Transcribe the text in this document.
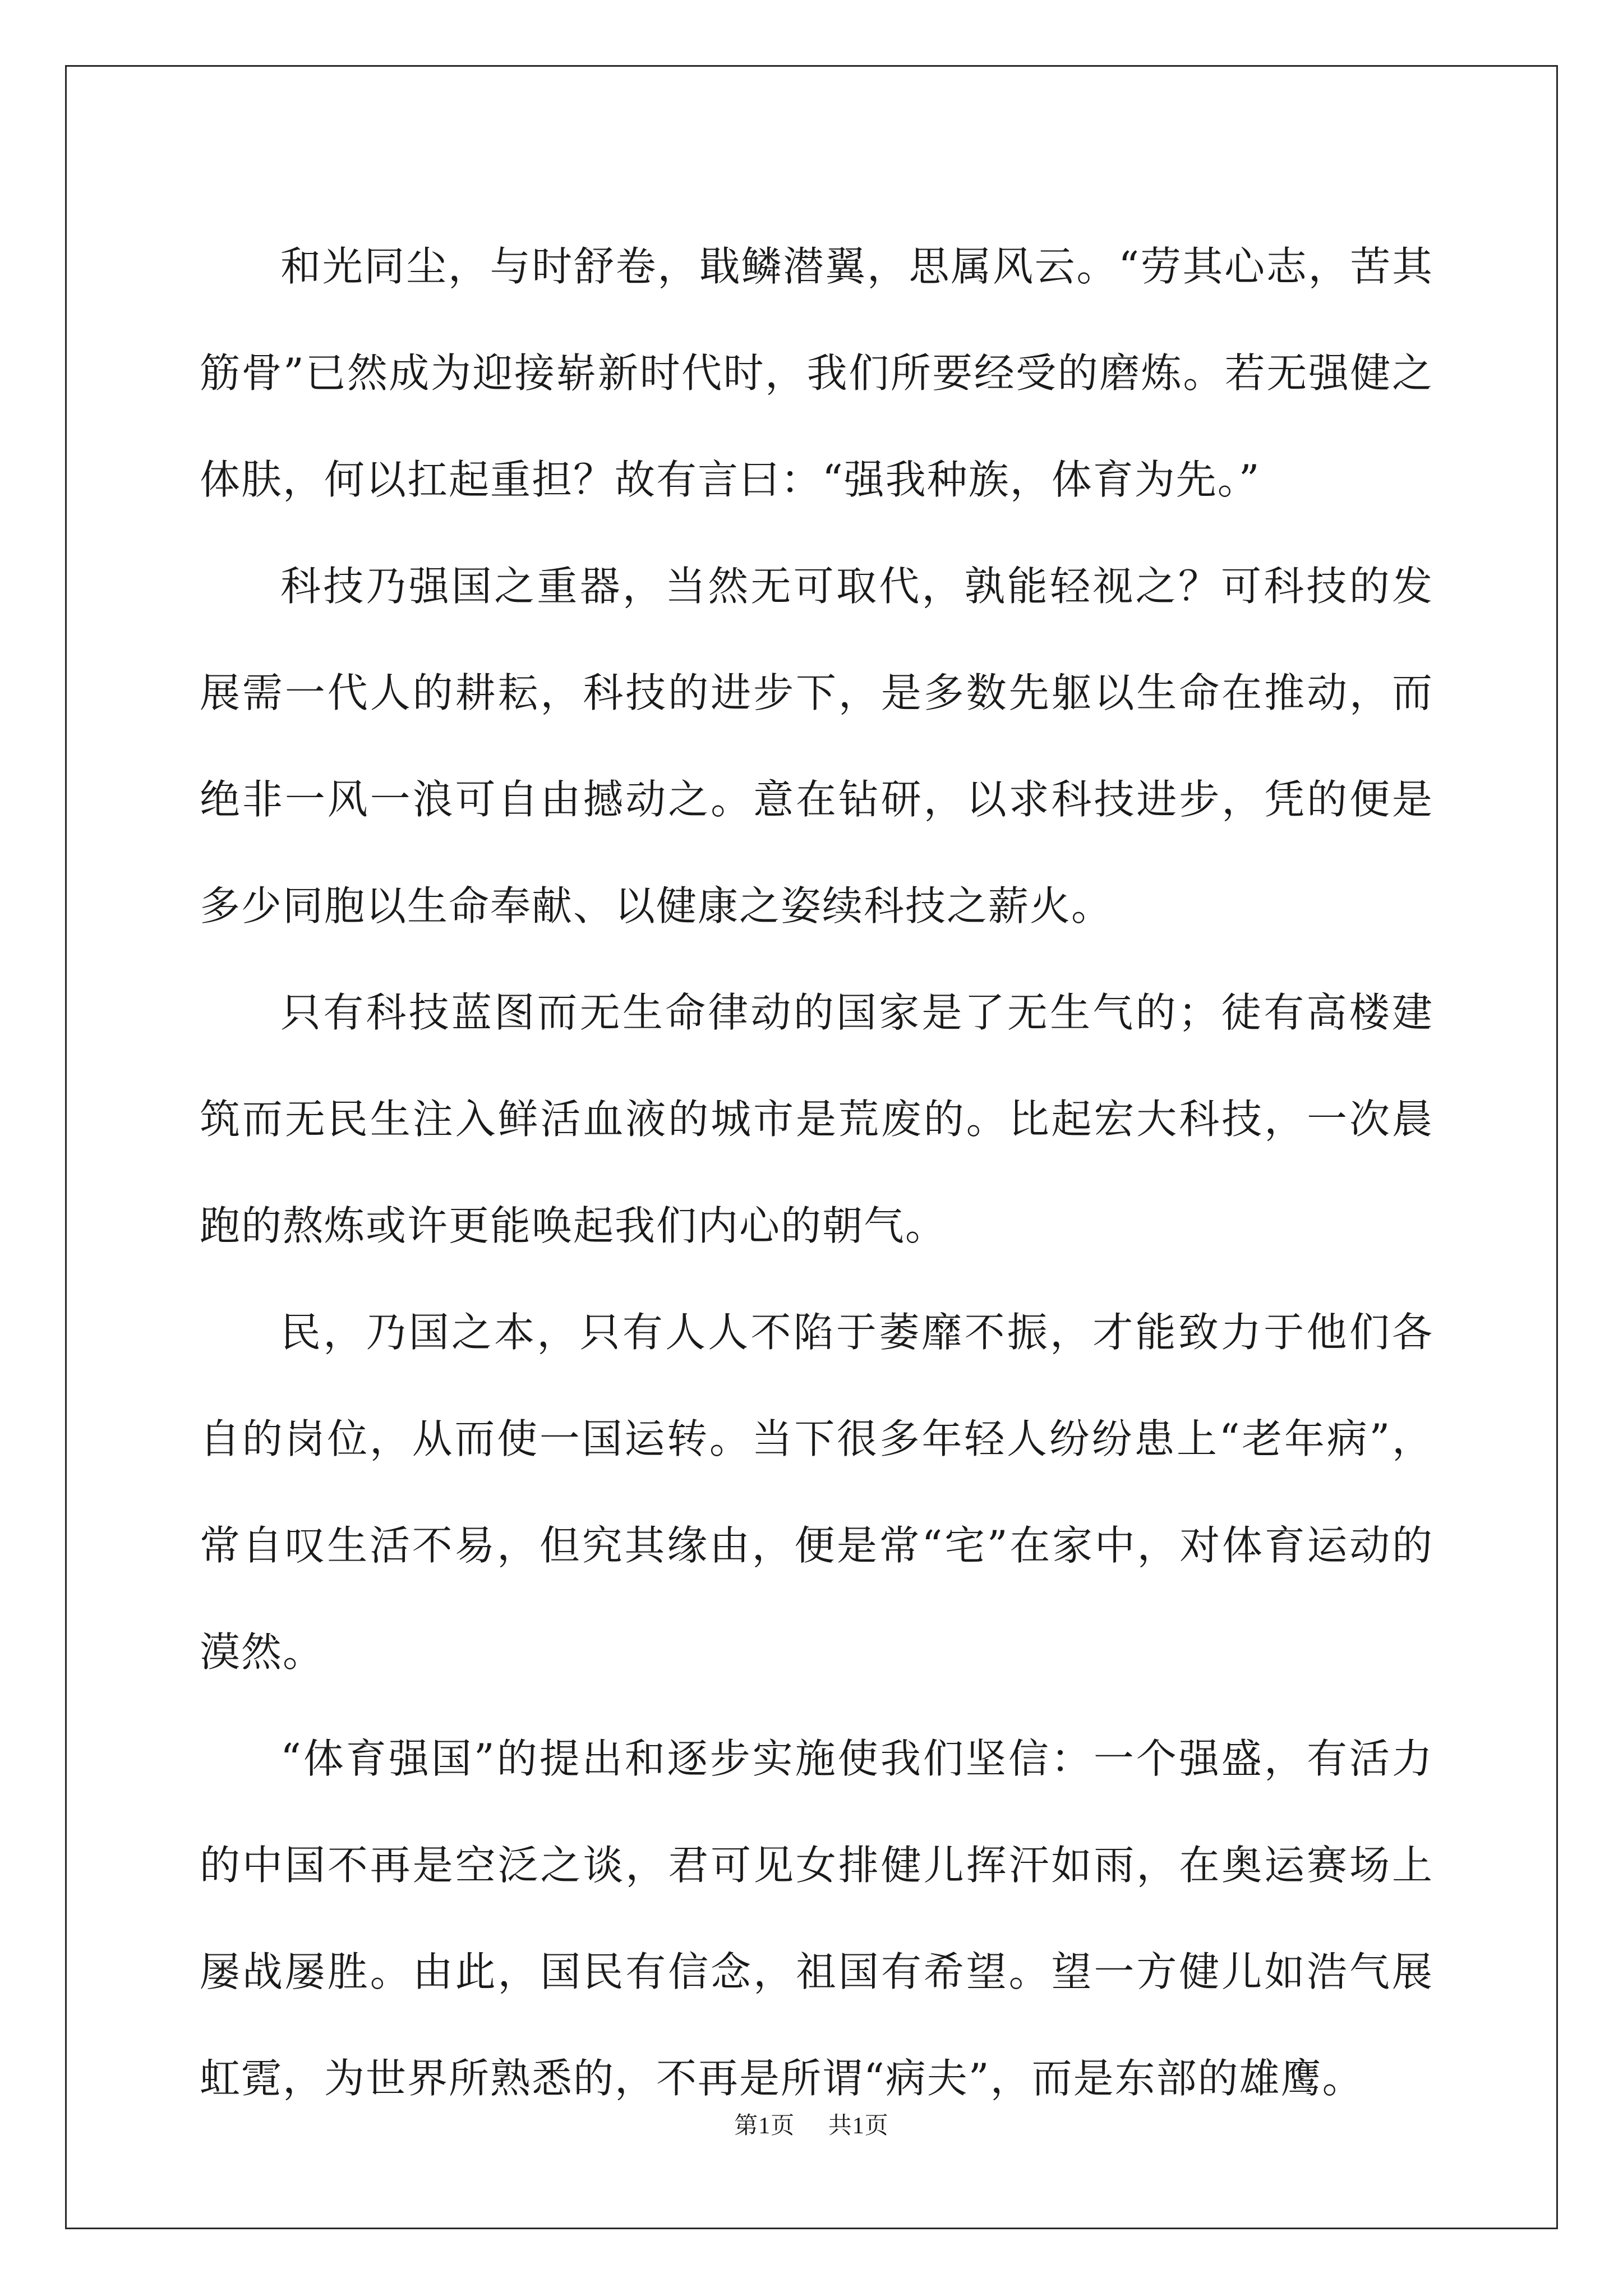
和光同尘，与时舒卷，戢鳞潜翼，思属风云。“劳其心志，苦其筋骨”已然成为迎接崭新时代时，我们所要经受的磨炼。若无强健之体肤，何以扛起重担？故有言曰：“强我种族，体育为先。”

科技乃强国之重器，当然无可取代，孰能轻视之？可科技的发展需一代人的耕耘，科技的进步下，是多数先躯以生命在推动，而绝非一风一浪可自由撼动之。意在钻研，以求科技进步，凭的便是多少同胞以生命奉献、以健康之姿续科技之薪火。

只有科技蓝图而无生命律动的国家是了无生气的；徒有高楼建筑而无民生注入鲜活血液的城市是荒废的。比起宏大科技，一次晨跑的熬炼或许更能唤起我们内心的朝气。

民，乃国之本，只有人人不陷于萎靡不振，才能致力于他们各自的岗位，从而使一国运转。当下很多年轻人纷纷患上“老年病”，常自叹生活不易，但究其缘由，便是常“宅”在家中，对体育运动的漠然。

“体育强国”的提出和逐步实施使我们坚信：一个强盛，有活力的中国不再是空泛之谈，君可见女排健儿挥汗如雨，在奥运赛场上屡战屡胜。由此，国民有信念，祖国有希望。望一方健儿如浩气展虹霓，为世界所熟悉的，不再是所谓“病夫”，而是东部的雄鹰。

第1页 共1页
